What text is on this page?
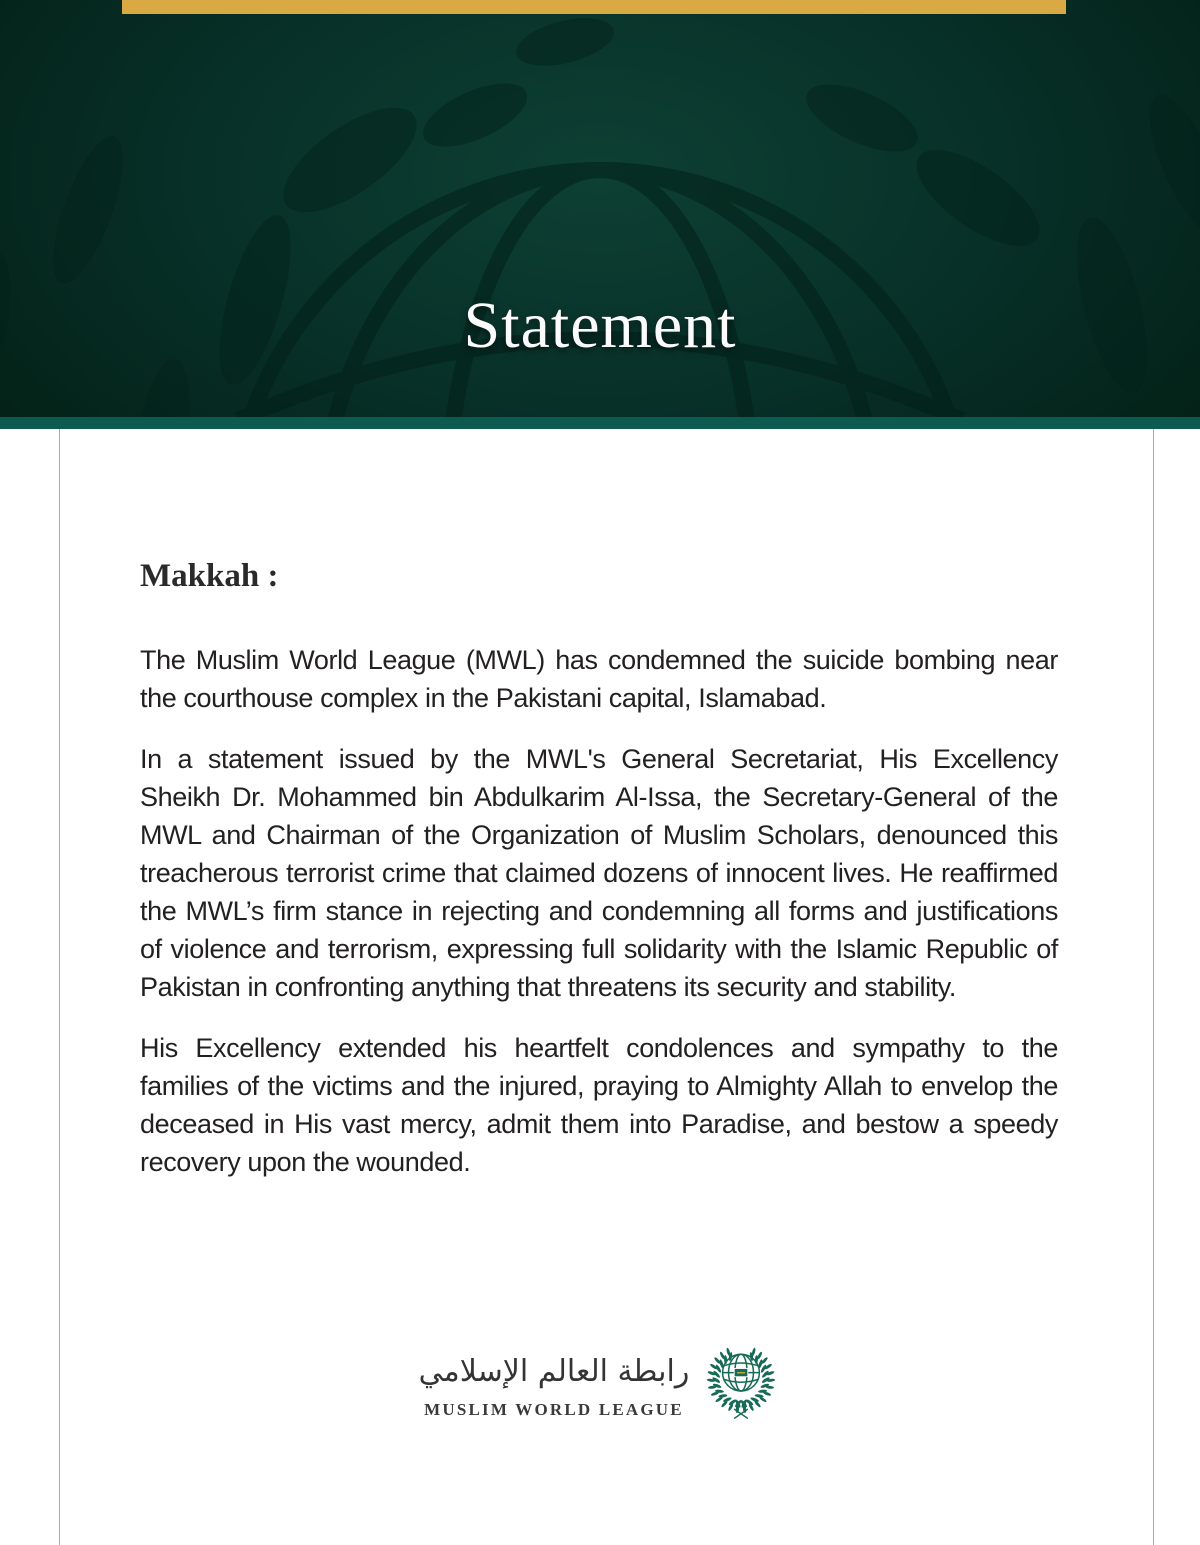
Statement
Makkah :

The Muslim World League (MWL) has condemned the suicide bombing near the courthouse complex in the Pakistani capital, Islamabad.

In a statement issued by the MWL's General Secretariat, His Excellency Sheikh Dr. Mohammed bin Abdulkarim Al-Issa, the Secretary-General of the MWL and Chairman of the Organization of Muslim Scholars, denounced this treacherous terrorist crime that claimed dozens of innocent lives. He reaffirmed the MWL’s firm stance in rejecting and condemning all forms and justifications of violence and terrorism, expressing full solidarity with the Islamic Republic of Pakistan in confronting anything that threatens its security and stability.

His Excellency extended his heartfelt condolences and sympathy to the families of the victims and the injured, praying to Almighty Allah to envelop the deceased in His vast mercy, admit them into Paradise, and bestow a speedy recovery upon the wounded.

رابطة العالم الإسلامي
MUSLIM WORLD LEAGUE
